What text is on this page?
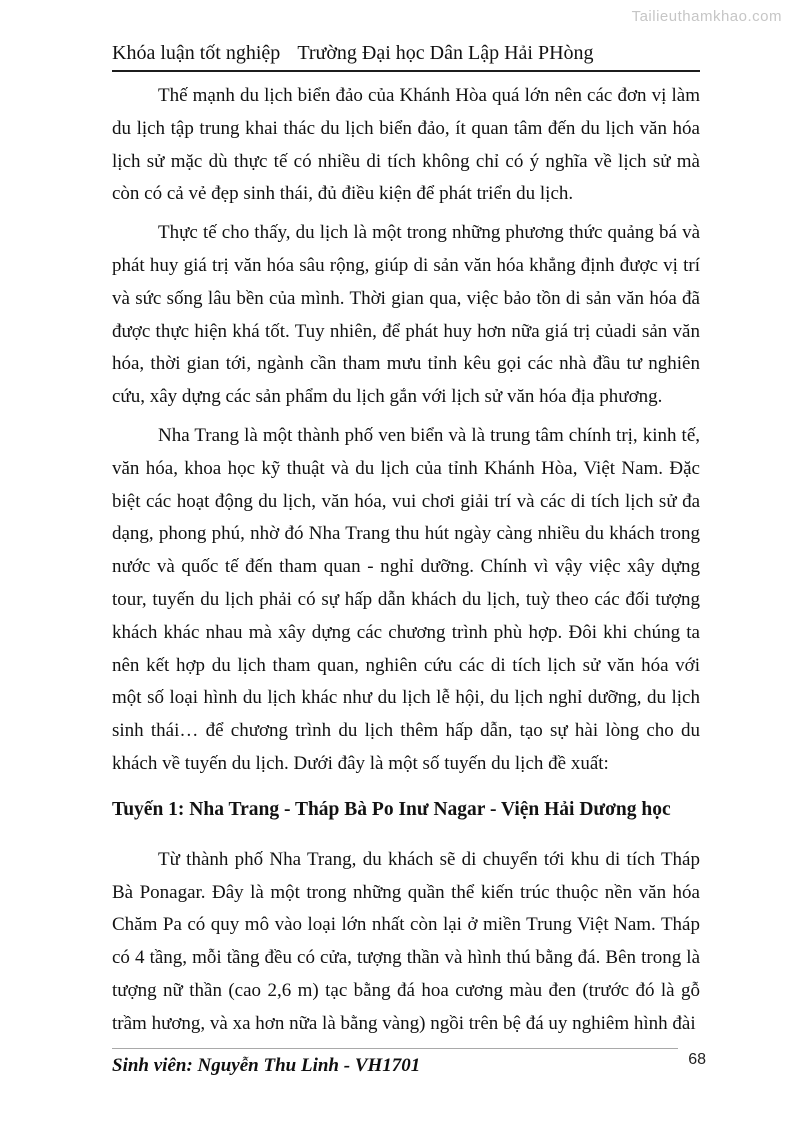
Tailieuthamkhao.com
Khóa luận tốt nghiệp Trường Đại học Dân Lập Hải PHòng

Thế mạnh du lịch biển đảo của Khánh Hòa quá lớn nên các đơn vị làm du lịch tập trung khai thác du lịch biển đảo, ít quan tâm đến du lịch văn hóa lịch sử mặc dù thực tế có nhiều di tích không chỉ có ý nghĩa về lịch sử mà còn có cả vẻ đẹp sinh thái, đủ điều kiện để phát triển du lịch.

Thực tế cho thấy, du lịch là một trong những phương thức quảng bá và phát huy giá trị văn hóa sâu rộng, giúp di sản văn hóa khẳng định được vị trí và sức sống lâu bền của mình. Thời gian qua, việc bảo tồn di sản văn hóa đã được thực hiện khá tốt. Tuy nhiên, để phát huy hơn nữa giá trị củadi sản văn hóa, thời gian tới, ngành cần tham mưu tỉnh kêu gọi các nhà đầu tư nghiên cứu, xây dựng các sản phẩm du lịch gắn với lịch sử văn hóa địa phương.

Nha Trang là một thành phố ven biển và là trung tâm chính trị, kinh tế, văn hóa, khoa học kỹ thuật và du lịch của tỉnh Khánh Hòa, Việt Nam. Đặc biệt các hoạt động du lịch, văn hóa, vui chơi giải trí và các di tích lịch sử đa dạng, phong phú, nhờ đó Nha Trang thu hút ngày càng nhiều du khách trong nước và quốc tế đến tham quan - nghỉ dưỡng. Chính vì vậy việc xây dựng tour, tuyến du lịch phải có sự hấp dẫn khách du lịch, tuỳ theo các đối tượng khách khác nhau mà xây dựng các chương trình phù hợp. Đôi khi chúng ta nên kết hợp du lịch tham quan, nghiên cứu các di tích lịch sử văn hóa với một số loại hình du lịch khác như du lịch lễ hội, du lịch nghỉ dưỡng, du lịch sinh thái… để chương trình du lịch thêm hấp dẫn, tạo sự hài lòng cho du khách về tuyến du lịch. Dưới đây là một số tuyến du lịch đề xuất:

Tuyến 1: Nha Trang - Tháp Bà Po Inư Nagar - Viện Hải Dương học

Từ thành phố Nha Trang, du khách sẽ di chuyển tới khu di tích Tháp Bà Ponagar. Đây là một trong những quần thể kiến trúc thuộc nền văn hóa Chăm Pa có quy mô vào loại lớn nhất còn lại ở miền Trung Việt Nam. Tháp có 4 tầng, mỗi tầng đều có cửa, tượng thần và hình thú bằng đá. Bên trong là tượng nữ thần (cao 2,6 m) tạc bằng đá hoa cương màu đen (trước đó là gỗ trầm hương, và xa hơn nữa là bằng vàng) ngồi trên bệ đá uy nghiêm hình đài

Sinh viên: Nguyễn Thu Linh - VH1701	68
